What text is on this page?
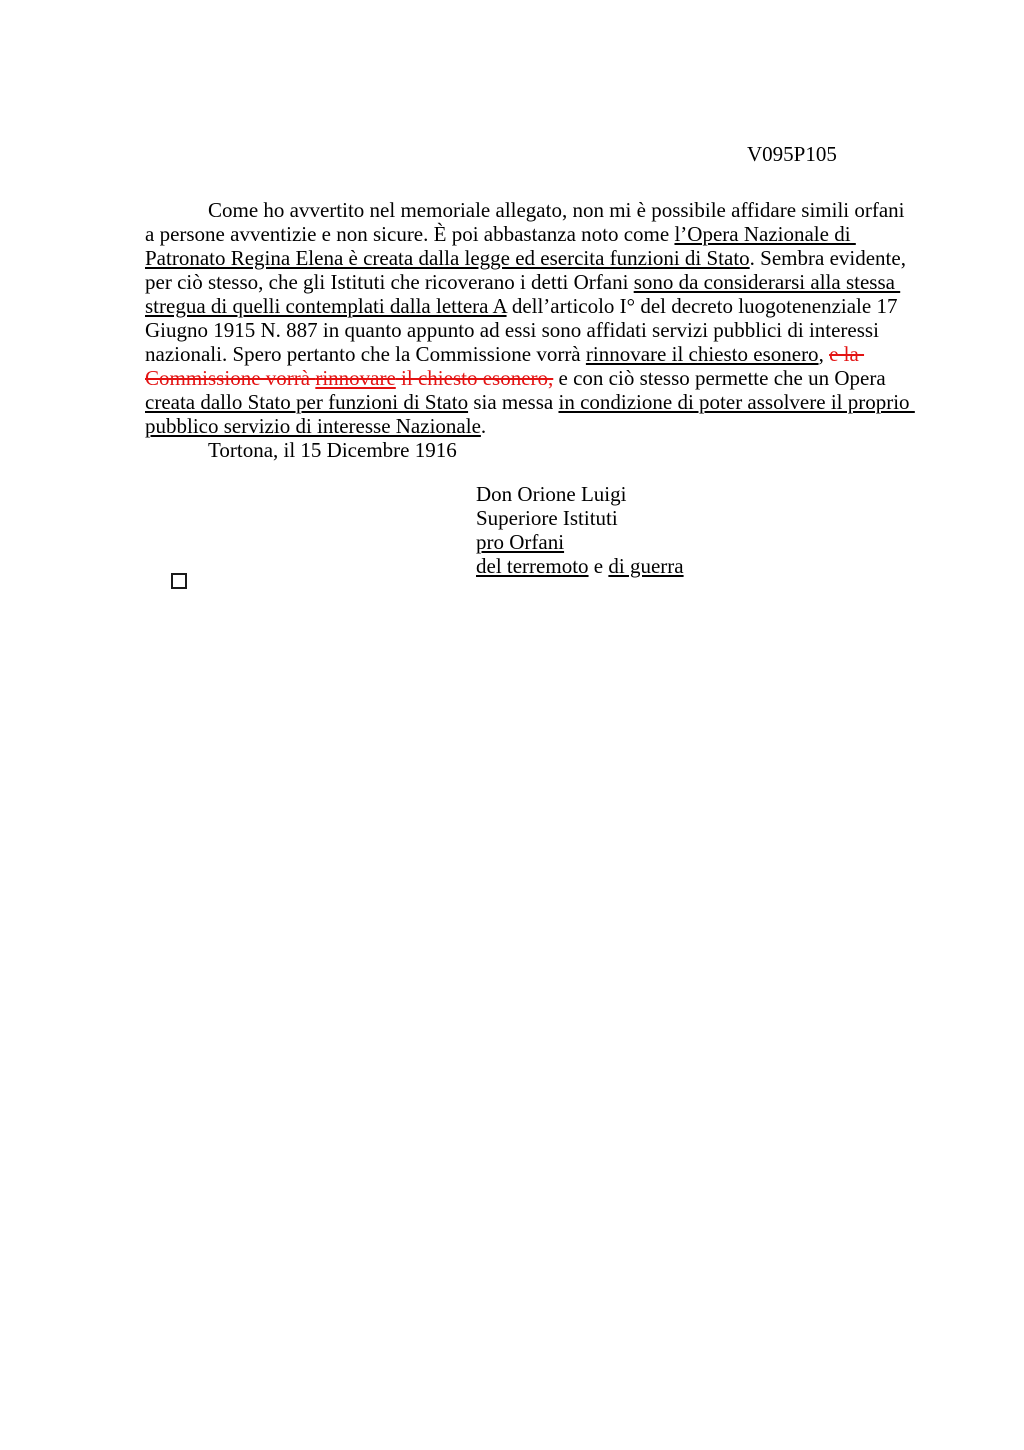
V095P105
Come ho avvertito nel memoriale allegato, non mi è possibile affidare simili orfani
a persone avventizie e non sicure. È poi abbastanza noto come l’Opera Nazionale di
Patronato Regina Elena è creata dalla legge ed esercita funzioni di Stato. Sembra evidente,
per ciò stesso, che gli Istituti che ricoverano i detti Orfani sono da considerarsi alla stessa
stregua di quelli contemplati dalla lettera A dell’articolo I° del decreto luogotenenziale 17
Giugno 1915 N. 887 in quanto appunto ad essi sono affidati servizi pubblici di interessi
nazionali. Spero pertanto che la Commissione vorrà rinnovare il chiesto esonero, e la
Commissione vorrà rinnovare il chiesto esonero, e con ciò stesso permette che un Opera
creata dallo Stato per funzioni di Stato sia messa in condizione di poter assolvere il proprio
pubblico servizio di interesse Nazionale.
Tortona, il 15 Dicembre 1916
Don Orione Luigi
Superiore Istituti
pro Orfani
del terremoto e di guerra
